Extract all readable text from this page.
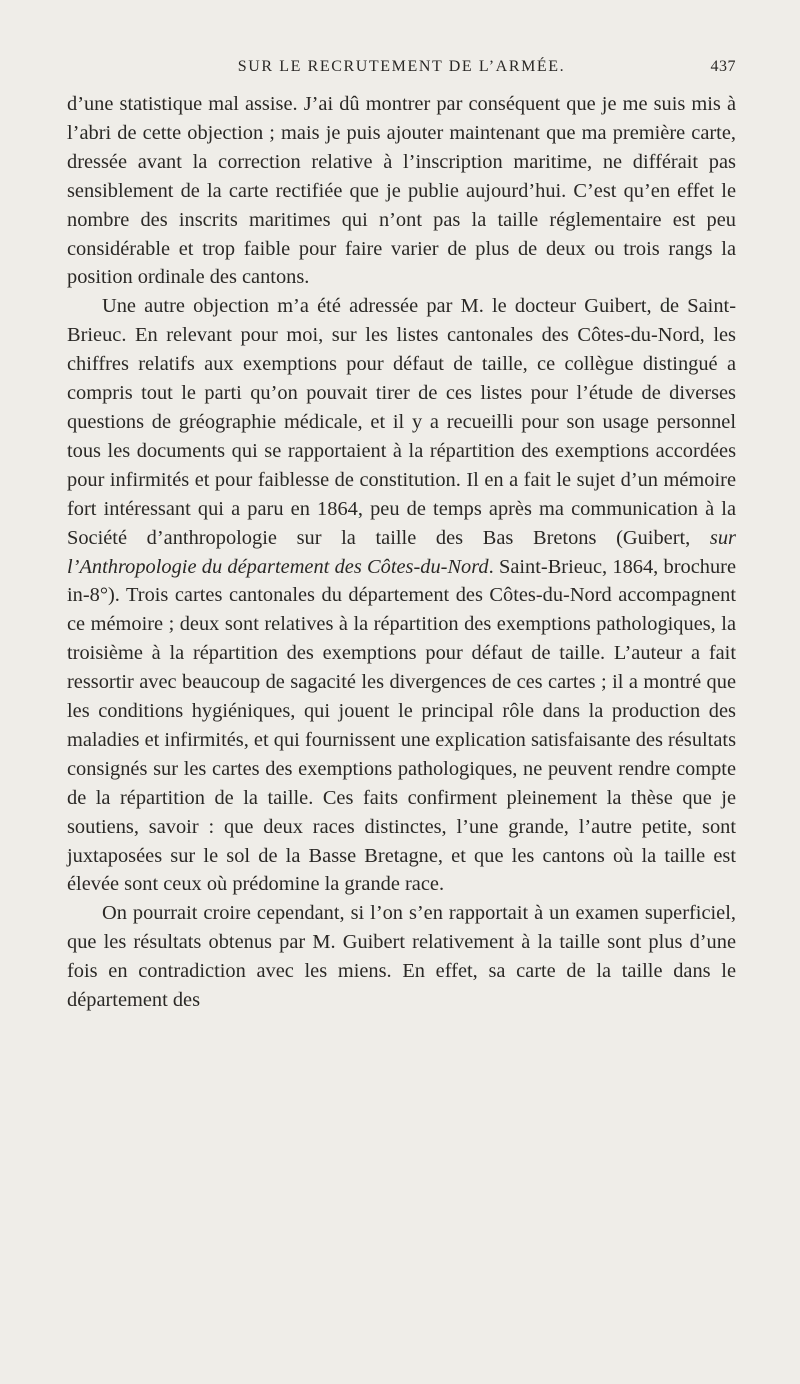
SUR LE RECRUTEMENT DE L’ARMÉE.	437

d’une statistique mal assise. J’ai dû montrer par conséquent que je me suis mis à l’abri de cette objection ; mais je puis ajouter maintenant que ma première carte, dressée avant la correction relative à l’inscription maritime, ne différait pas sensiblement de la carte rectifiée que je publie aujourd’hui. C’est qu’en effet le nombre des inscrits maritimes qui n’ont pas la taille réglementaire est peu considérable et trop faible pour faire varier de plus de deux ou trois rangs la position ordinale des cantons.

Une autre objection m’a été adressée par M. le docteur Guibert, de Saint-Brieuc. En relevant pour moi, sur les listes cantonales des Côtes-du-Nord, les chiffres relatifs aux exemptions pour défaut de taille, ce collègue distingué a compris tout le parti qu’on pouvait tirer de ces listes pour l’étude de diverses questions de gréographie médicale, et il y a recueilli pour son usage personnel tous les documents qui se rapportaient à la répartition des exemptions accordées pour infirmités et pour faiblesse de constitution. Il en a fait le sujet d’un mémoire fort intéressant qui a paru en 1864, peu de temps après ma communication à la Société d’anthropologie sur la taille des Bas Bretons (Guibert, sur l’Anthropologie du département des Côtes-du-Nord. Saint-Brieuc, 1864, brochure in-8°). Trois cartes cantonales du département des Côtes-du-Nord accompagnent ce mémoire ; deux sont relatives à la répartition des exemptions pathologiques, la troisième à la répartition des exemptions pour défaut de taille. L’auteur a fait ressortir avec beaucoup de sagacité les divergences de ces cartes ; il a montré que les conditions hygiéniques, qui jouent le principal rôle dans la production des maladies et infirmités, et qui fournissent une explication satisfaisante des résultats consignés sur les cartes des exemptions pathologiques, ne peuvent rendre compte de la répartition de la taille. Ces faits confirment pleinement la thèse que je soutiens, savoir : que deux races distinctes, l’une grande, l’autre petite, sont juxtaposées sur le sol de la Basse Bretagne, et que les cantons où la taille est élevée sont ceux où prédomine la grande race.

On pourrait croire cependant, si l’on s’en rapportait à un examen superficiel, que les résultats obtenus par M. Guibert relativement à la taille sont plus d’une fois en contradiction avec les miens. En effet, sa carte de la taille dans le département des
